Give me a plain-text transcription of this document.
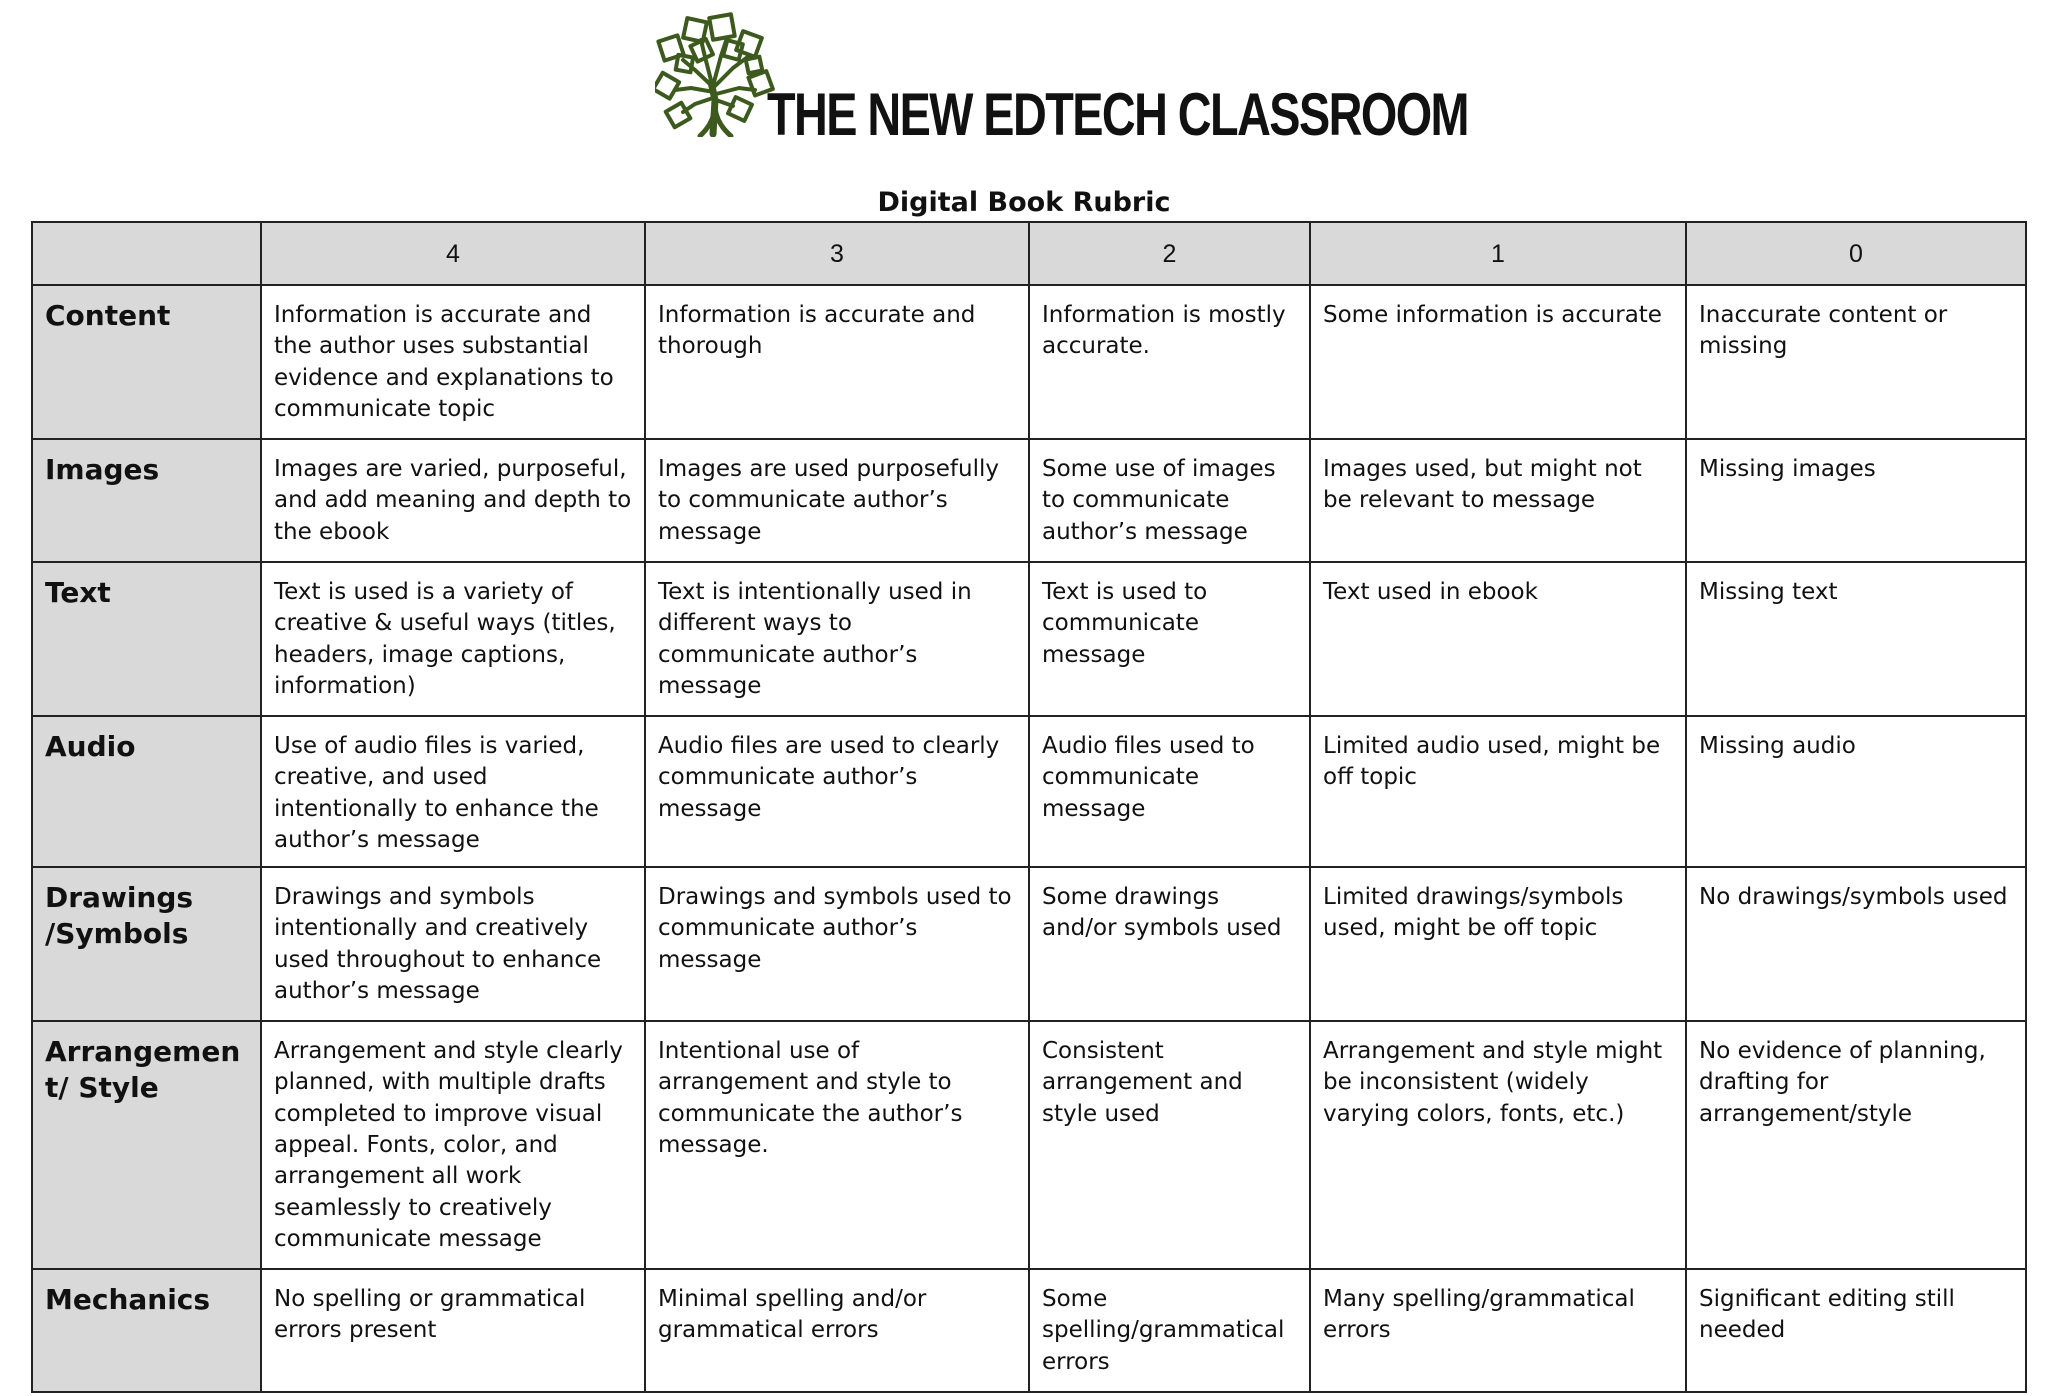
THE NEW EDTECH CLASSROOM
Digital Book Rubric
	4	3	2	1	0
Content	Information is accurate and the author uses substantial evidence and explanations to communicate topic	Information is accurate and thorough	Information is mostly accurate.	Some information is accurate	Inaccurate content or missing
Images	Images are varied, purposeful, and add meaning and depth to the ebook	Images are used purposefully to communicate author’s message	Some use of images to communicate author’s message	Images used, but might not be relevant to message	Missing images
Text	Text is used is a variety of creative & useful ways (titles, headers, image captions, information)	Text is intentionally used in different ways to communicate author’s message	Text is used to communicate message	Text used in ebook	Missing text
Audio	Use of audio files is varied, creative, and used intentionally to enhance the author’s message	Audio files are used to clearly communicate author’s message	Audio files used to communicate message	Limited audio used, might be off topic	Missing audio
Drawings /Symbols	Drawings and symbols intentionally and creatively used throughout to enhance author’s message	Drawings and symbols used to communicate author’s message	Some drawings and/or symbols used	Limited drawings/symbols used, might be off topic	No drawings/symbols used
Arrangement/ Style	Arrangement and style clearly planned, with multiple drafts completed to improve visual appeal. Fonts, color, and arrangement all work seamlessly to creatively communicate message	Intentional use of arrangement and style to communicate the author’s message.	Consistent arrangement and style used	Arrangement and style might be inconsistent (widely varying colors, fonts, etc.)	No evidence of planning, drafting for arrangement/style
Mechanics	No spelling or grammatical errors present	Minimal spelling and/or grammatical errors	Some spelling/grammatical errors	Many spelling/grammatical errors	Significant editing still needed
